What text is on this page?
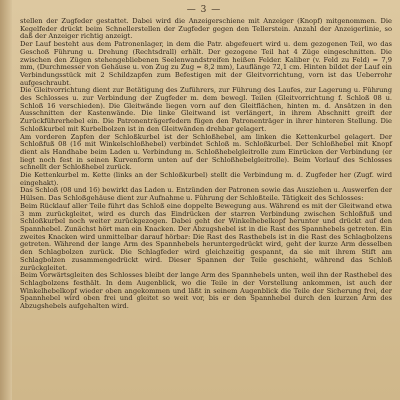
— 3 —

stellen der Zugfeder gestattet. Dabei wird die Anzeigerschiene mit Anzeiger (Knopf) mitgenommen. Die Kegelfeder drückt beim Schnellerstellen der Zugfeder gegen den Tellerstein. Anzahl der Anzeigerlinie, so daß der Anzeiger richtig anzeigt.

Der Lauf besteht aus dem Patronenlager, in dem die Patr. abgefeuert wird u. dem gezogenen Teil, wo das Geschoß Führung u. Drehung (Rechtsdrall) erhält. Der gezogene Teil hat 4 Züge eingeschnitten. Die zwischen den Zügen stehengebliebenen Seelenwandstreifen heißen Felder. Kaliber (v. Feld zu Feld) = 7,9 mm, (Durchmesser von Gehäuse u. von Zug zu Zug = 8,2 mm), Lauflänge 72,1 cm. Hinten bildet der Lauf ein Verbindungsstück mit 2 Schildzapfen zum Befestigen mit der Gleitvorrichtung, vorn ist das Ueberrohr aufgeschraubt.

Die Gleitvorrichtung dient zur Betätigung des Zuführers, zur Führung des Laufes, zur Lagerung u. Führung des Schlosses u. zur Verbindung der Zugfeder m. dem bewegl. Teilen (Gleitvorrichtung f. Schloß 08 u. Schloß 16 verschieden). Die Gleitwände liegen vorn auf den Gleitflächen, hinten m. d. Ansätzen in den Ausschnitten der Kastenwände. Die linke Gleitwand ist verlängert, in ihrem Abschnitt greift der Zurückführerhebel ein. Die Patronenträgerfedern fügen den Patronenträger in ihrer hinteren Stellung. Die Schloßkurbel mit Kurbelbolzen ist in den Gleitwänden drehbar gelagert.

Am vorderen Zapfen der Schloßkurbel ist der Schloßhebel, am linken die Kettenkurbel gelagert. Der Schloßfuß 08 (16 mit Winkelschloßhebel) verbindet Schloß m. Schloßkurbel. Der Schloßhebel mit Knopf dient als Handhabe beim Laden u. Verbindung m. Schloßhebelgleitrolle zum Einrücken der Verbindung (er liegt noch fest in seinen Kurvenform unten auf der Schloßhebelgleitrolle). Beim Vorlauf des Schlosses schnellt der Schloßhebel zurück.

Die Kettenkurbel m. Kette (links an der Schloßkurbel) stellt die Verbindung m. d. Zugfeder her (Zugf. wird eingehakt).

Das Schloß (08 und 16) bewirkt das Laden u. Entzünden der Patronen sowie das Ausziehen u. Auswerfen der Hülsen. Das Schloßgehäuse dient zur Aufnahme u. Führung der Schloßteile. Tätigkeit des Schlosses:

Beim Rücklauf aller Teile führt das Schloß eine doppelte Bewegung aus. Während es mit der Gleitwand etwa 3 mm zurückgleitet, wird es durch das Eindrücken der starren Verbindung zwischen Schloßfuß und Schloßkurbel noch weiter zurückgezogen. Dabei geht der Winkelhebelkopf herunter und drückt auf den Spannhebel. Zunächst hört man ein Knacken. Der Abzugshebel ist in die Rast des Spannhebels getreten. Ein zweites Knacken wird unmittelbar darauf hörbar: Die Rast des Rasthebels ist in die Rast des Schlagbolzens getreten. Während der lange Arm des Spannhebels heruntergedrückt wird, geht der kurze Arm desselben den Schlagbolzen zurück. Die Schlagfeder wird gleichzeitig gespannt, da sie mit ihrem Stift am Schlagbolzen zusammengedrückt wird. Dieser Spannen der Teile geschieht, während das Schloß zurückgleitet.

Beim Vorwärtsgleiten des Schlosses bleibt der lange Arm des Spannhebels unten, weil ihn der Rasthebel des Schlagbolzens festhält. In dem Augenblick, wo die Teile in der Vorstellung ankommen, ist auch der Winkelhebelkopf wieder oben angekommen und läßt in seinem Augenblick die Teile der Sicherung frei, der Spannhebel wird oben frei und gleitet so weit vor, bis er den Spannhebel durch den kurzen Arm des Abzugshebels aufgehalten wird.
